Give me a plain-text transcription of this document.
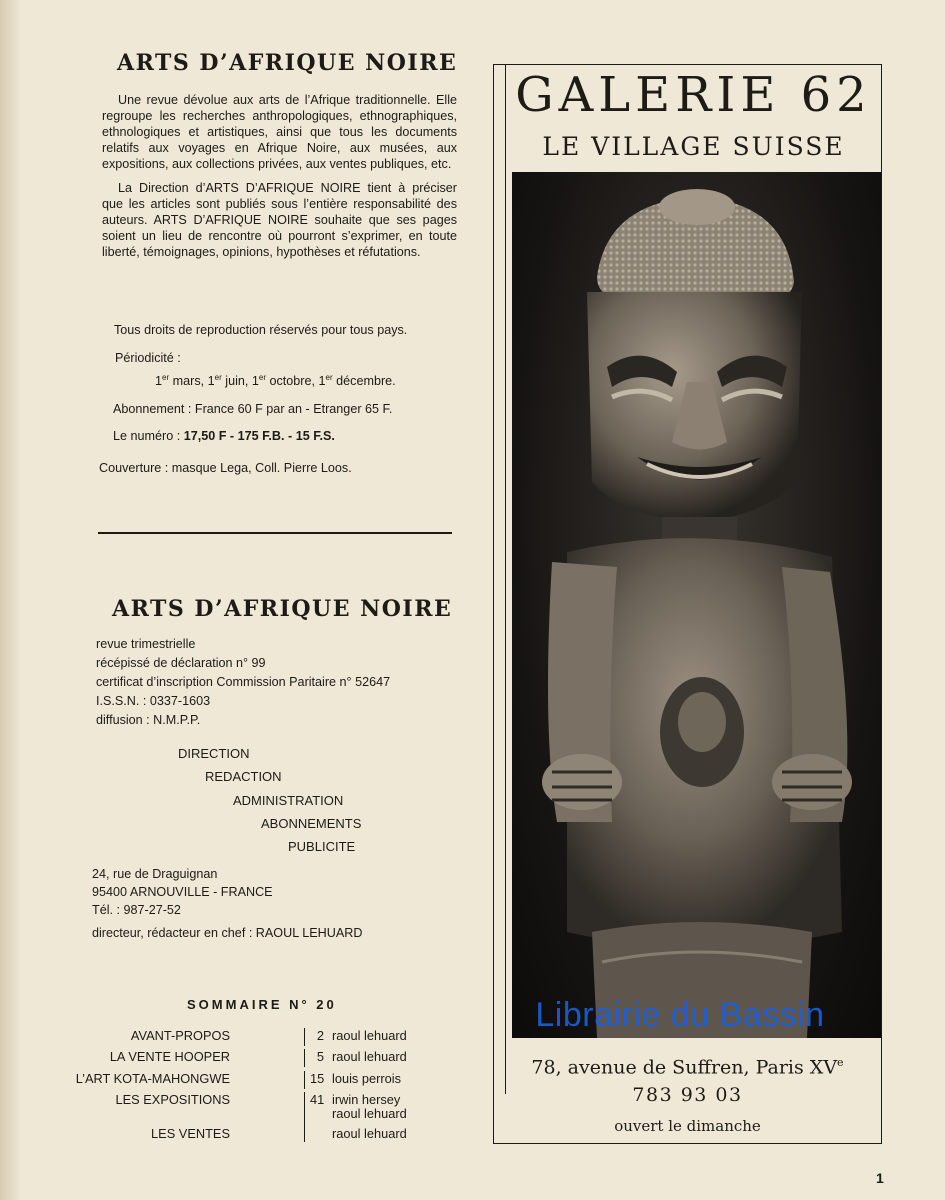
ARTS D’AFRIQUE NOIRE

Une revue dévolue aux arts de l’Afrique traditionnelle. Elle regroupe les recherches anthropologiques, ethnographiques, ethnologiques et artistiques, ainsi que tous les documents relatifs aux voyages en Afrique Noire, aux musées, aux expositions, aux collections privées, aux ventes publiques, etc.

La Direction d’ARTS D’AFRIQUE NOIRE tient à préciser que les articles sont publiés sous l’entière responsabilité des auteurs. ARTS D’AFRIQUE NOIRE souhaite que ses pages soient un lieu de rencontre où pourront s’exprimer, en toute liberté, témoignages, opinions, hypothèses et réfutations.

Tous droits de reproduction réservés pour tous pays.
Périodicité :
1er mars, 1er juin, 1er octobre, 1er décembre.
Abonnement : France 60 F par an - Etranger 65 F.
Le numéro : 17,50 F - 175 F.B. - 15 F.S.
Couverture : masque Lega, Coll. Pierre Loos.
ARTS D’AFRIQUE NOIRE
revue trimestrielle
récépissé de déclaration n° 99
certificat d’inscription Commission Paritaire n° 52647
I.S.S.N. : 0337-1603
diffusion : N.M.P.P.
DIRECTION
REDACTION
ADMINISTRATION
ABONNEMENTS
PUBLICITE
24, rue de Draguignan
95400 ARNOUVILLE - FRANCE
Tél. : 987-27-52
directeur, rédacteur en chef : RAOUL LEHUARD
SOMMAIRE N° 20
AVANT-PROPOS	2 raoul lehuard
LA VENTE HOOPER	5 raoul lehuard
L’ART KOTA-MAHONGWE	15 louis perrois
LES EXPOSITIONS	41 irwin hersey
raoul lehuard
LES VENTES	raoul lehuard
GALERIE 62
LE VILLAGE SUISSE
Librairie du Bassin
78, avenue de Suffren, Paris XVe
783 93 03
ouvert le dimanche
1
